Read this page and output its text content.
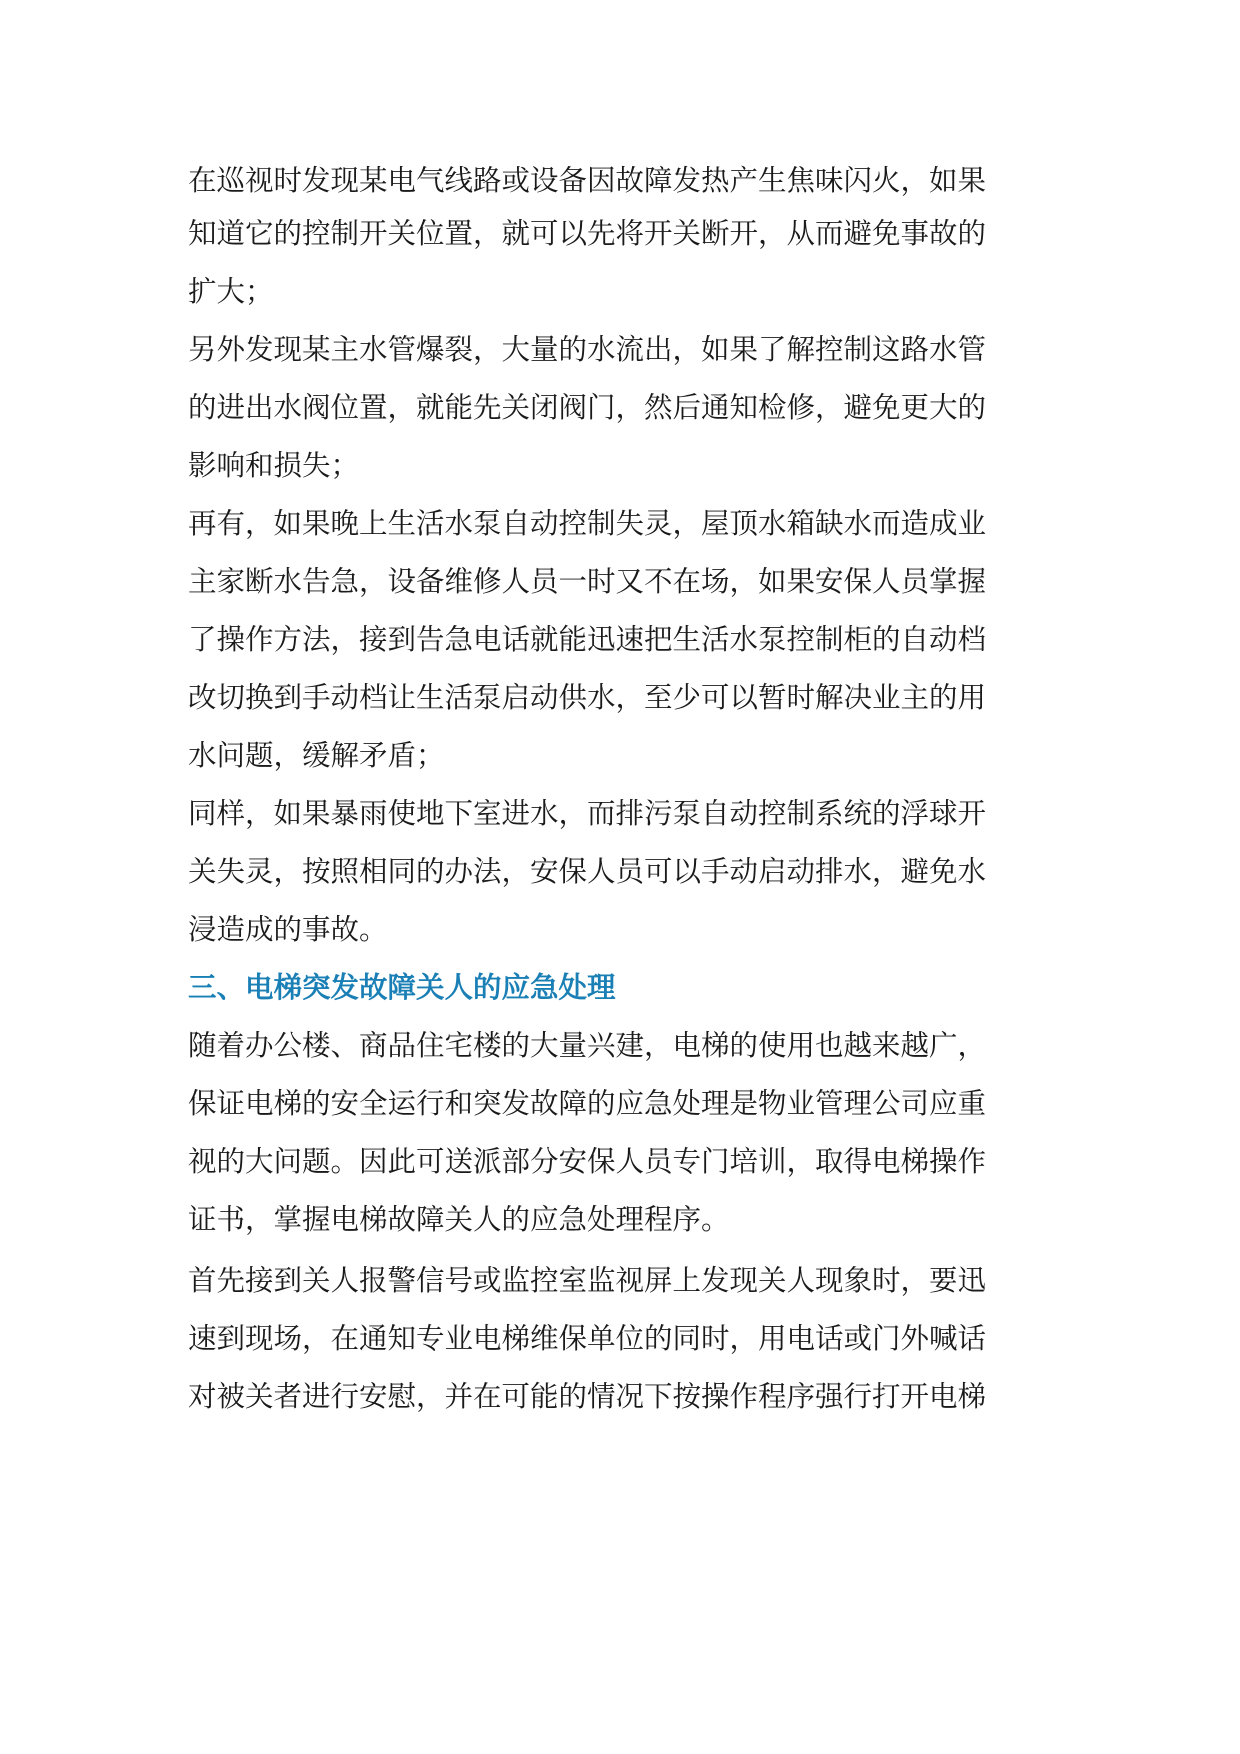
在巡视时发现某电气线路或设备因故障发热产生焦味闪火，如果
知道它的控制开关位置，就可以先将开关断开，从而避免事故的
扩大；
另外发现某主水管爆裂，大量的水流出，如果了解控制这路水管
的进出水阀位置，就能先关闭阀门，然后通知检修，避免更大的
影响和损失；
再有，如果晚上生活水泵自动控制失灵，屋顶水箱缺水而造成业
主家断水告急，设备维修人员一时又不在场，如果安保人员掌握
了操作方法，接到告急电话就能迅速把生活水泵控制柜的自动档
改切换到手动档让生活泵启动供水，至少可以暂时解决业主的用
水问题，缓解矛盾；
同样，如果暴雨使地下室进水，而排污泵自动控制系统的浮球开
关失灵，按照相同的办法，安保人员可以手动启动排水，避免水
浸造成的事故。
三、电梯突发故障关人的应急处理
随着办公楼、商品住宅楼的大量兴建，电梯的使用也越来越广，
保证电梯的安全运行和突发故障的应急处理是物业管理公司应重
视的大问题。因此可送派部分安保人员专门培训，取得电梯操作
证书，掌握电梯故障关人的应急处理程序。
首先接到关人报警信号或监控室监视屏上发现关人现象时，要迅
速到现场，在通知专业电梯维保单位的同时，用电话或门外喊话
对被关者进行安慰，并在可能的情况下按操作程序强行打开电梯
